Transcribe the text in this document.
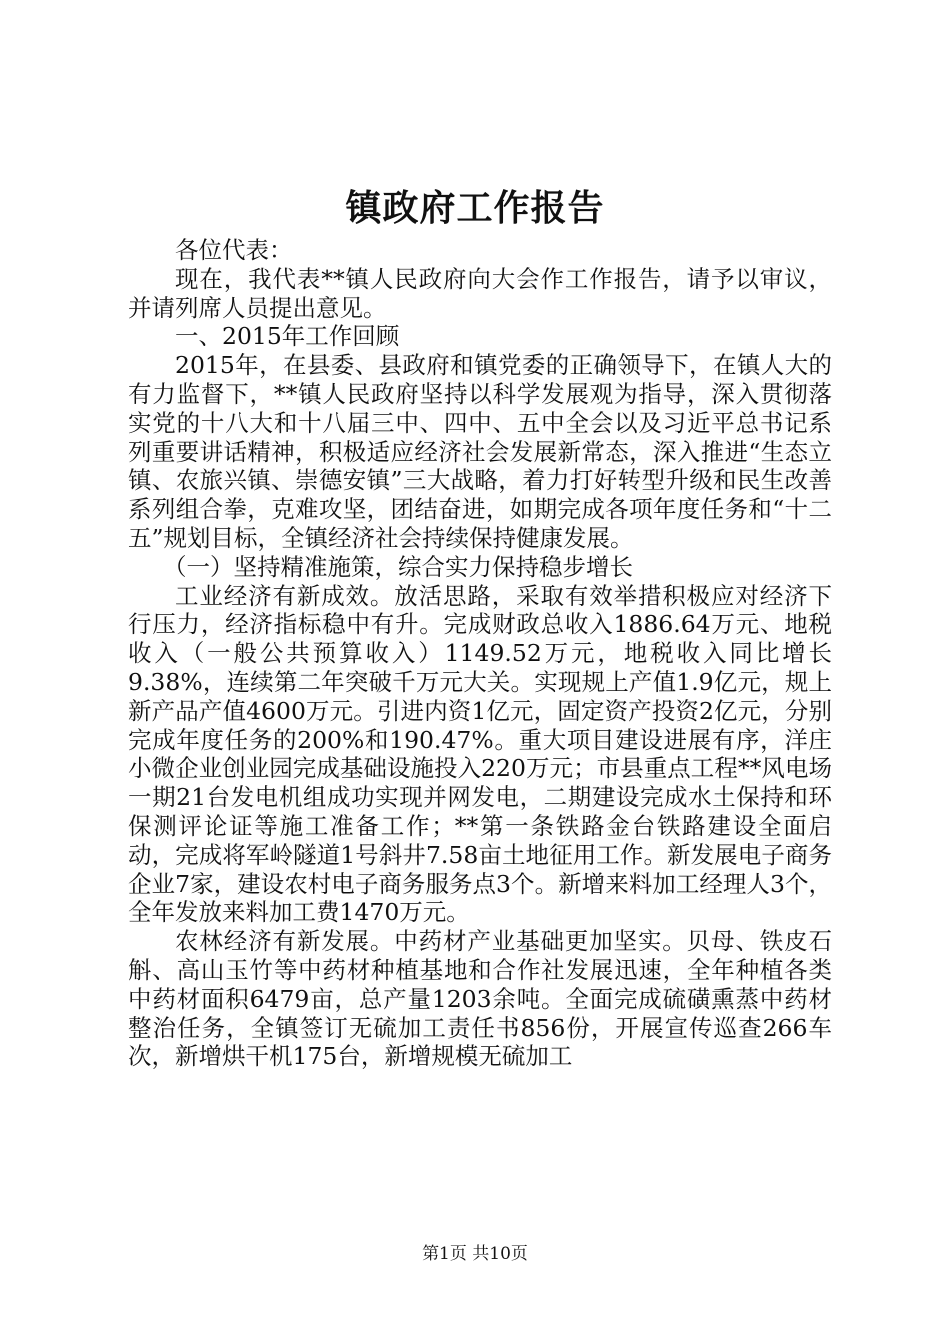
镇政府工作报告

各位代表：

现在，我代表**镇人民政府向大会作工作报告，请予以审议，并请列席人员提出意见。

一、2015年工作回顾

2015年，在县委、县政府和镇党委的正确领导下，在镇人大的有力监督下，**镇人民政府坚持以科学发展观为指导，深入贯彻落实党的十八大和十八届三中、四中、五中全会以及习近平总书记系列重要讲话精神，积极适应经济社会发展新常态，深入推进“生态立镇、农旅兴镇、崇德安镇”三大战略，着力打好转型升级和民生改善系列组合拳，克难攻坚，团结奋进，如期完成各项年度任务和“十二五”规划目标，全镇经济社会持续保持健康发展。

（一）坚持精准施策，综合实力保持稳步增长

工业经济有新成效。放活思路，采取有效举措积极应对经济下行压力，经济指标稳中有升。完成财政总收入1886.64万元、地税收入（一般公共预算收入）1149.52万元，地税收入同比增长9.38%，连续第二年突破千万元大关。实现规上产值1.9亿元，规上新产品产值4600万元。引进内资1亿元，固定资产投资2亿元，分别完成年度任务的200%和190.47%。重大项目建设进展有序，洋庄小微企业创业园完成基础设施投入220万元；市县重点工程**风电场一期21台发电机组成功实现并网发电，二期建设完成水土保持和环保测评论证等施工准备工作；**第一条铁路金台铁路建设全面启动，完成将军岭隧道1号斜井7.58亩土地征用工作。新发展电子商务企业7家，建设农村电子商务服务点3个。新增来料加工经理人3个，全年发放来料加工费1470万元。

农林经济有新发展。中药材产业基础更加坚实。贝母、铁皮石斛、高山玉竹等中药材种植基地和合作社发展迅速，全年种植各类中药材面积6479亩，总产量1203余吨。全面完成硫磺熏蒸中药材整治任务，全镇签订无硫加工责任书856份，开展宣传巡查266车次，新增烘干机175台，新增规模无硫加工

第1页 共10页
